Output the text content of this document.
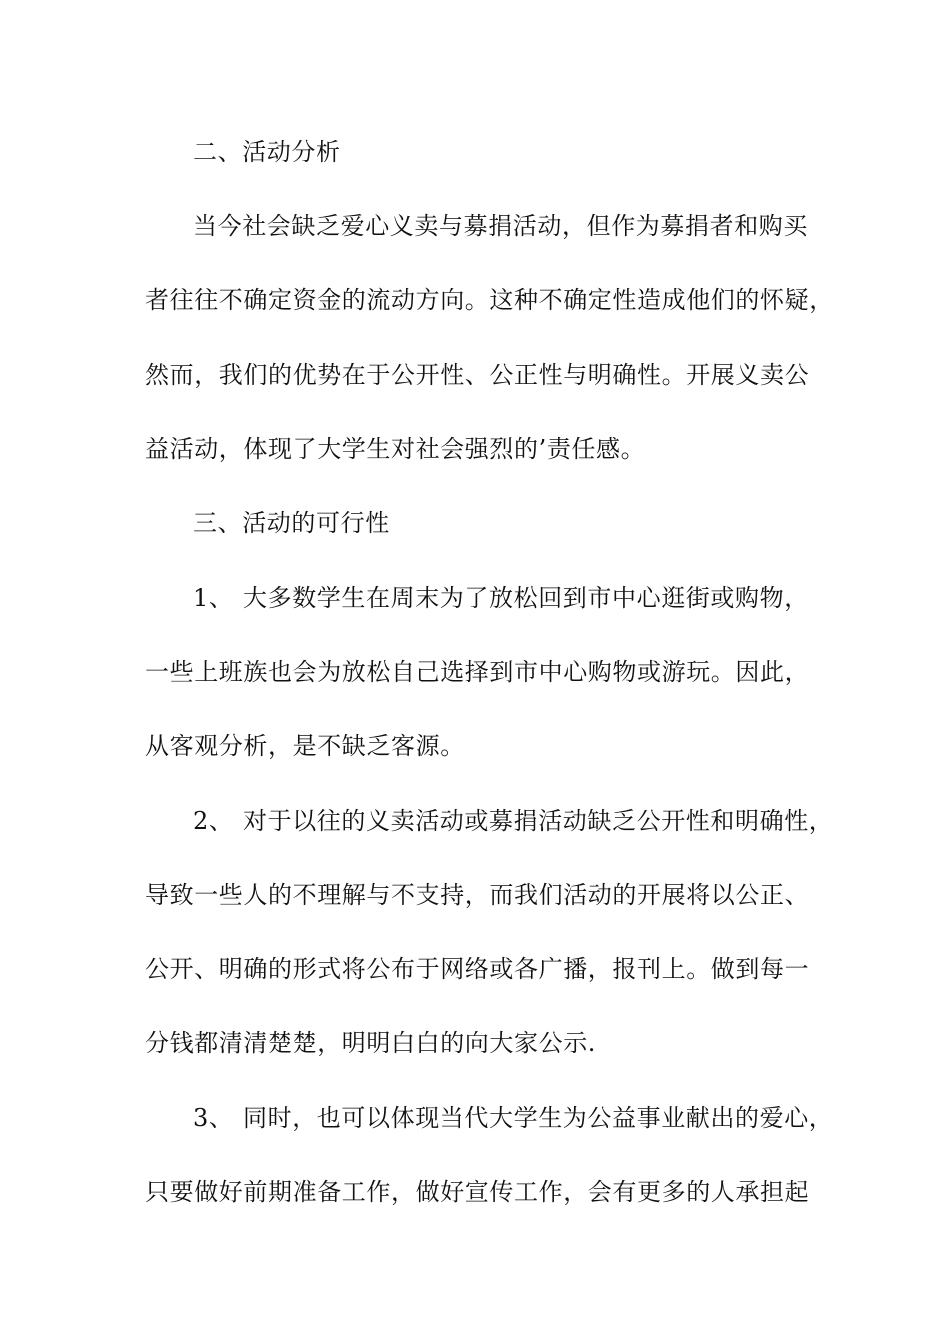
二、活动分析
当今社会缺乏爱心义卖与募捐活动，但作为募捐者和购买
者往往不确定资金的流动方向。这种不确定性造成他们的怀疑，
然而，我们的优势在于公开性、公正性与明确性。开展义卖公
益活动，体现了大学生对社会强烈的’责任感。
三、活动的可行性
1、 大多数学生在周末为了放松回到市中心逛街或购物，
一些上班族也会为放松自己选择到市中心购物或游玩。因此，
从客观分析，是不缺乏客源。
2、 对于以往的义卖活动或募捐活动缺乏公开性和明确性，
导致一些人的不理解与不支持，而我们活动的开展将以公正、
公开、明确的形式将公布于网络或各广播，报刊上。做到每一
分钱都清清楚楚，明明白白的向大家公示.
3、 同时，也可以体现当代大学生为公益事业献出的爱心，
只要做好前期准备工作，做好宣传工作，会有更多的人承担起
